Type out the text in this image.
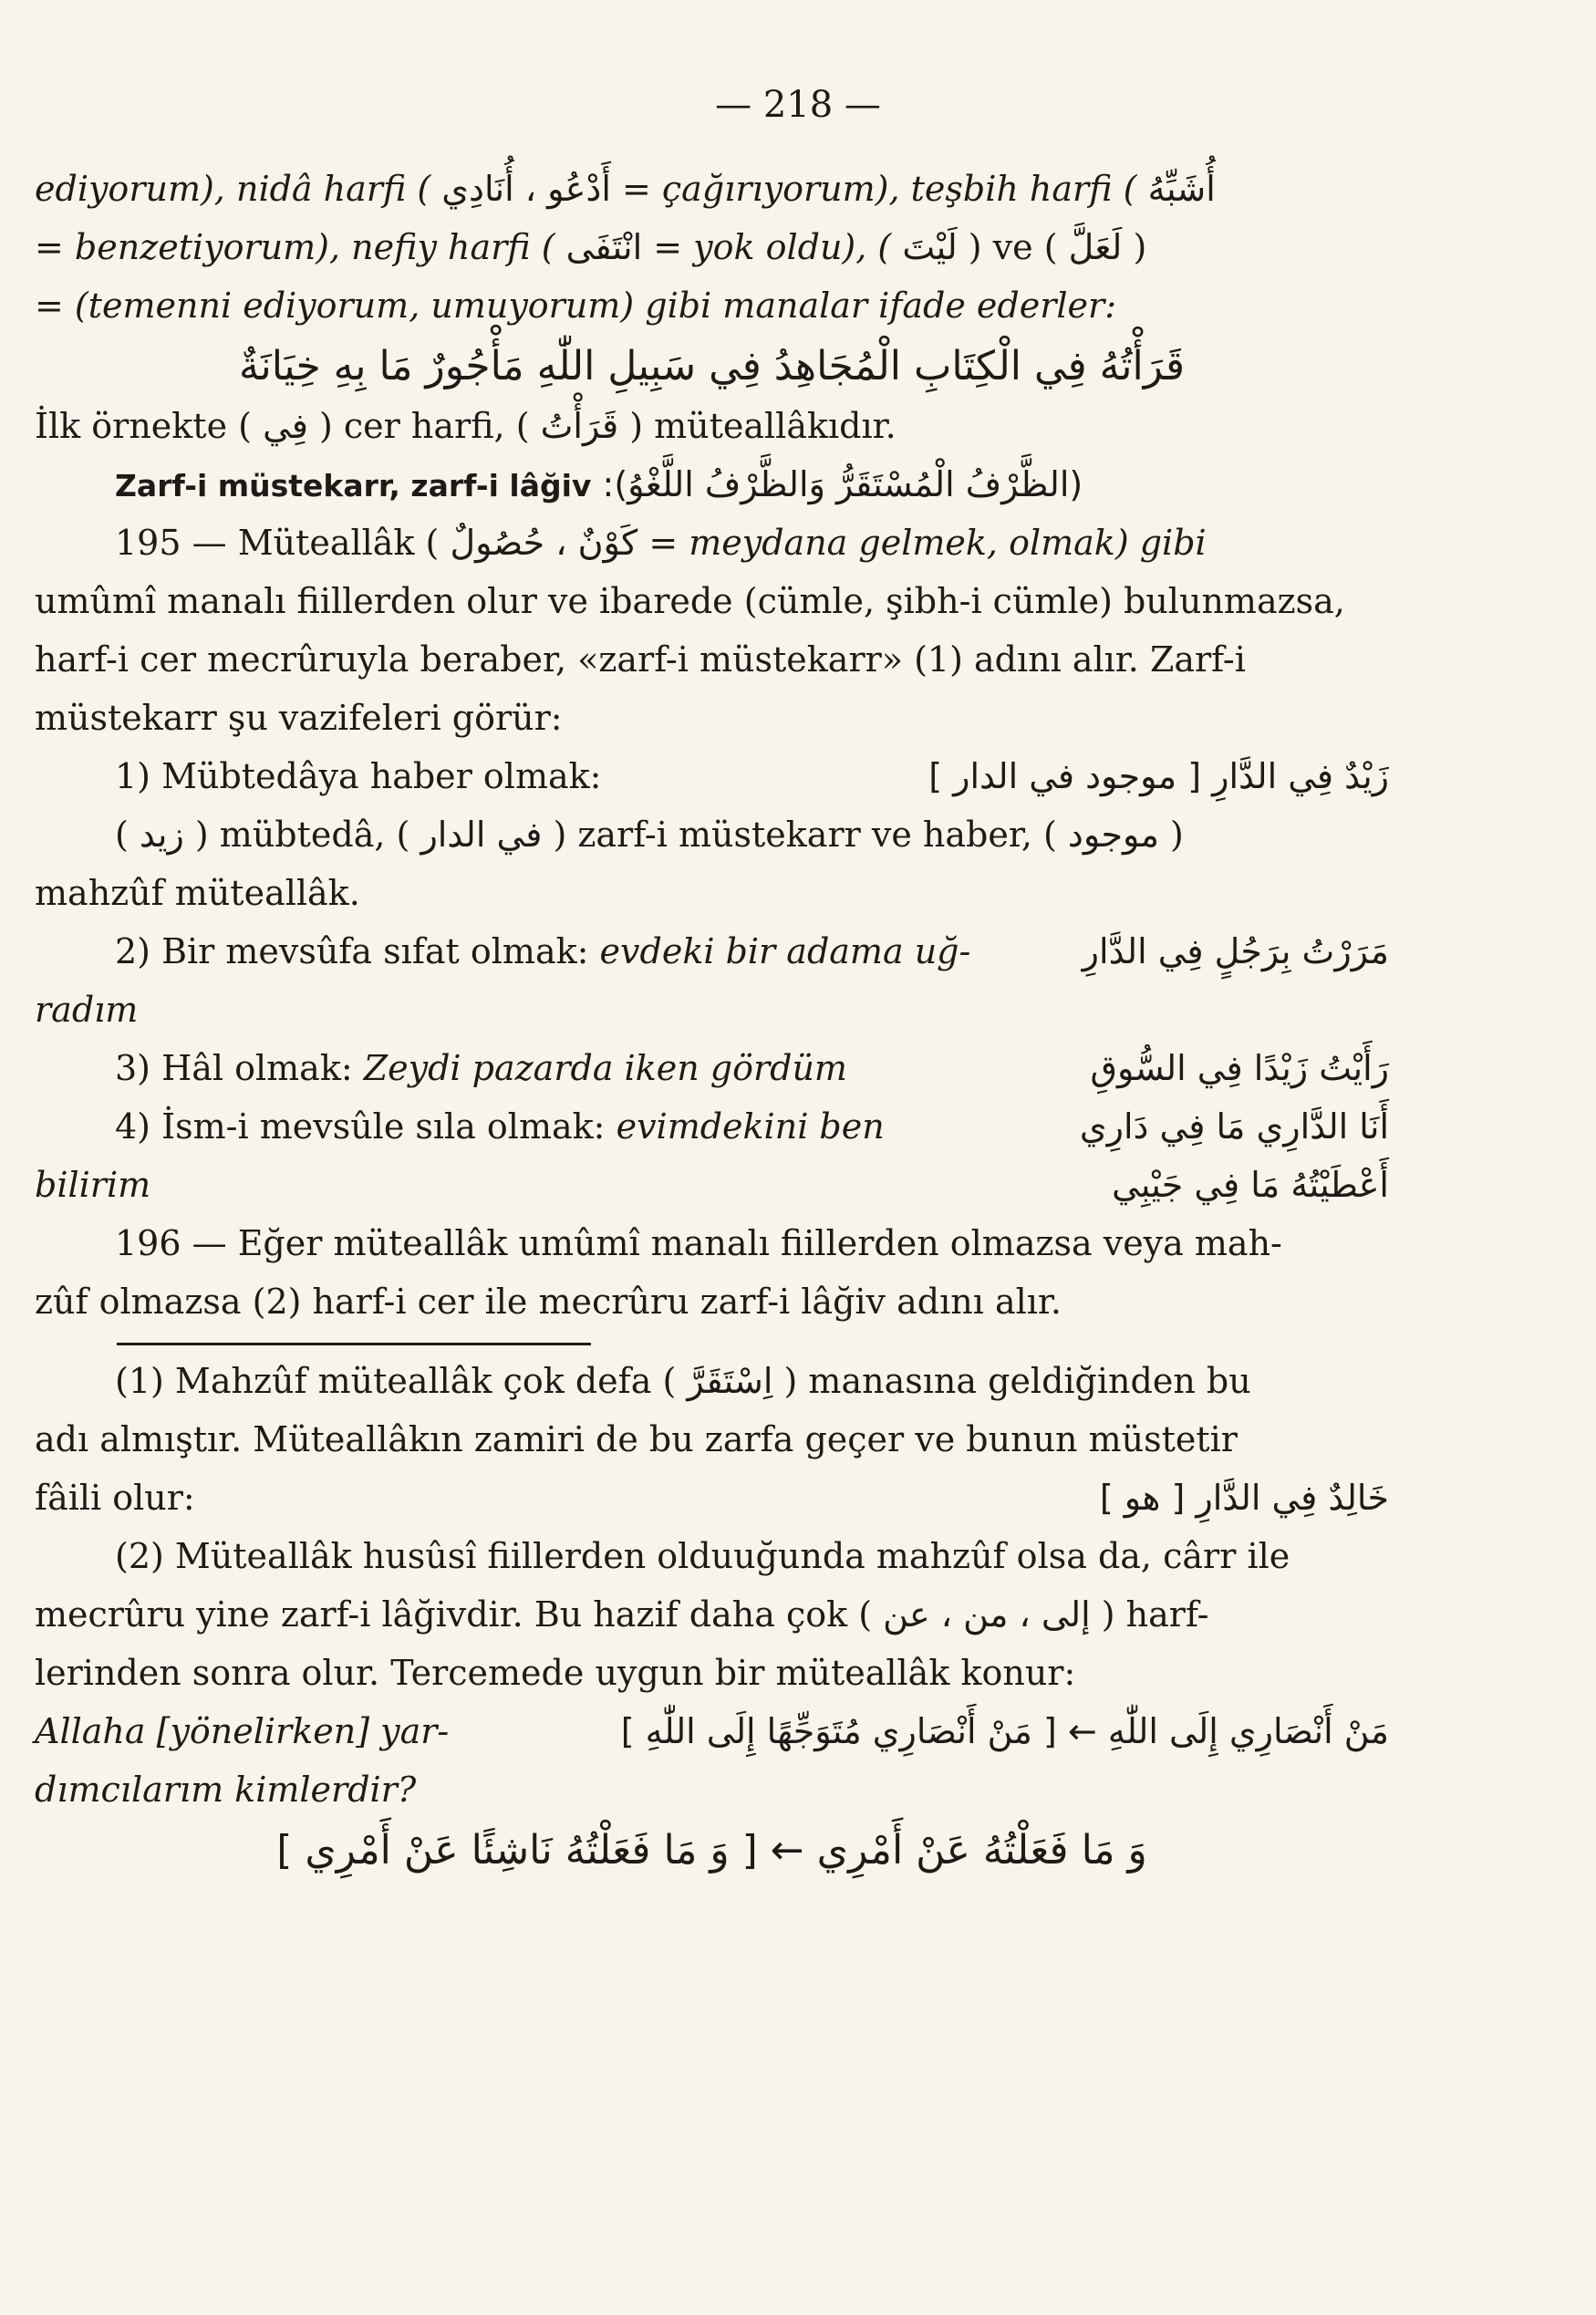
— 218 —
ediyorum), nidâ harfi ( أَدْعُو ، أُنَادِي = çağırıyorum), teşbih harfi ( أُشَبِّهُ
= benzetiyorum), nefiy harfi ( انْتَفَى = yok oldu), ( لَيْتَ ) ve ( لَعَلَّ )
= (temenni ediyorum, umuyorum) gibi manalar ifade ederler:
قَرَأْتُهُ فِي الْكِتَابِ الْمُجَاهِدُ فِي سَبِيلِ اللّٰهِ مَأْجُورٌ مَا بِهِ خِيَانَةٌ
İlk örnekte ( فِي ) cer harfi, ( قَرَأْتُ ) müteallâkıdır.
Zarf-i müstekarr, zarf-i lâğiv (الظَّرْفُ الْمُسْتَقَرُّ وَالظَّرْفُ اللَّغْوُ):
195 — Müteallâk ( كَوْنٌ ، حُصُولٌ = meydana gelmek, olmak) gibi
umûmî manalı fiillerden olur ve ibarede (cümle, şibh-i cümle) bulunmazsa,
harf-i cer mecrûruyla beraber, «zarf-i müstekarr» (1) adını alır. Zarf-i
müstekarr şu vazifeleri görür:
1) Mübtedâya haber olmak:	زَيْدٌ فِي الدَّارِ [ موجود في الدار ]
( زيد ) mübtedâ, ( في الدار ) zarf-i müstekarr ve haber, ( موجود )
mahzûf müteallâk.
2) Bir mevsûfa sıfat olmak: evdeki bir adama uğ-	مَرَرْتُ بِرَجُلٍ فِي الدَّارِ
radım
3) Hâl olmak: Zeydi pazarda iken gördüm	رَأَيْتُ زَيْدًا فِي السُّوقِ
4) İsm-i mevsûle sıla olmak: evimdekini ben	أَنَا الدَّارِي مَا فِي دَارِي
bilirim	أَعْطَيْتُهُ مَا فِي جَيْبِي
196 — Eğer müteallâk umûmî manalı fiillerden olmazsa veya mah-
zûf olmazsa (2) harf-i cer ile mecrûru zarf-i lâğiv adını alır.
(1) Mahzûf müteallâk çok defa ( اِسْتَقَرَّ ) manasına geldiğinden bu
adı almıştır. Müteallâkın zamiri de bu zarfa geçer ve bunun müstetir
fâili olur:	خَالِدٌ فِي الدَّارِ [ هو ]
(2) Müteallâk husûsî fiillerden olduuğunda mahzûf olsa da, cârr ile
mecrûru yine zarf-i lâğivdir. Bu hazif daha çok ( إلى ، من ، عن ) harf-
lerinden sonra olur. Tercemede uygun bir müteallâk konur:
Allaha [yönelirken] yar-	مَنْ أَنْصَارِي إِلَى اللّٰهِ ← [ مَنْ أَنْصَارِي مُتَوَجِّهًا إِلَى اللّٰهِ ]
dımcılarım kimlerdir?
وَ مَا فَعَلْتُهُ عَنْ أَمْرِي ← [ وَ مَا فَعَلْتُهُ نَاشِئًا عَنْ أَمْرِي ]
